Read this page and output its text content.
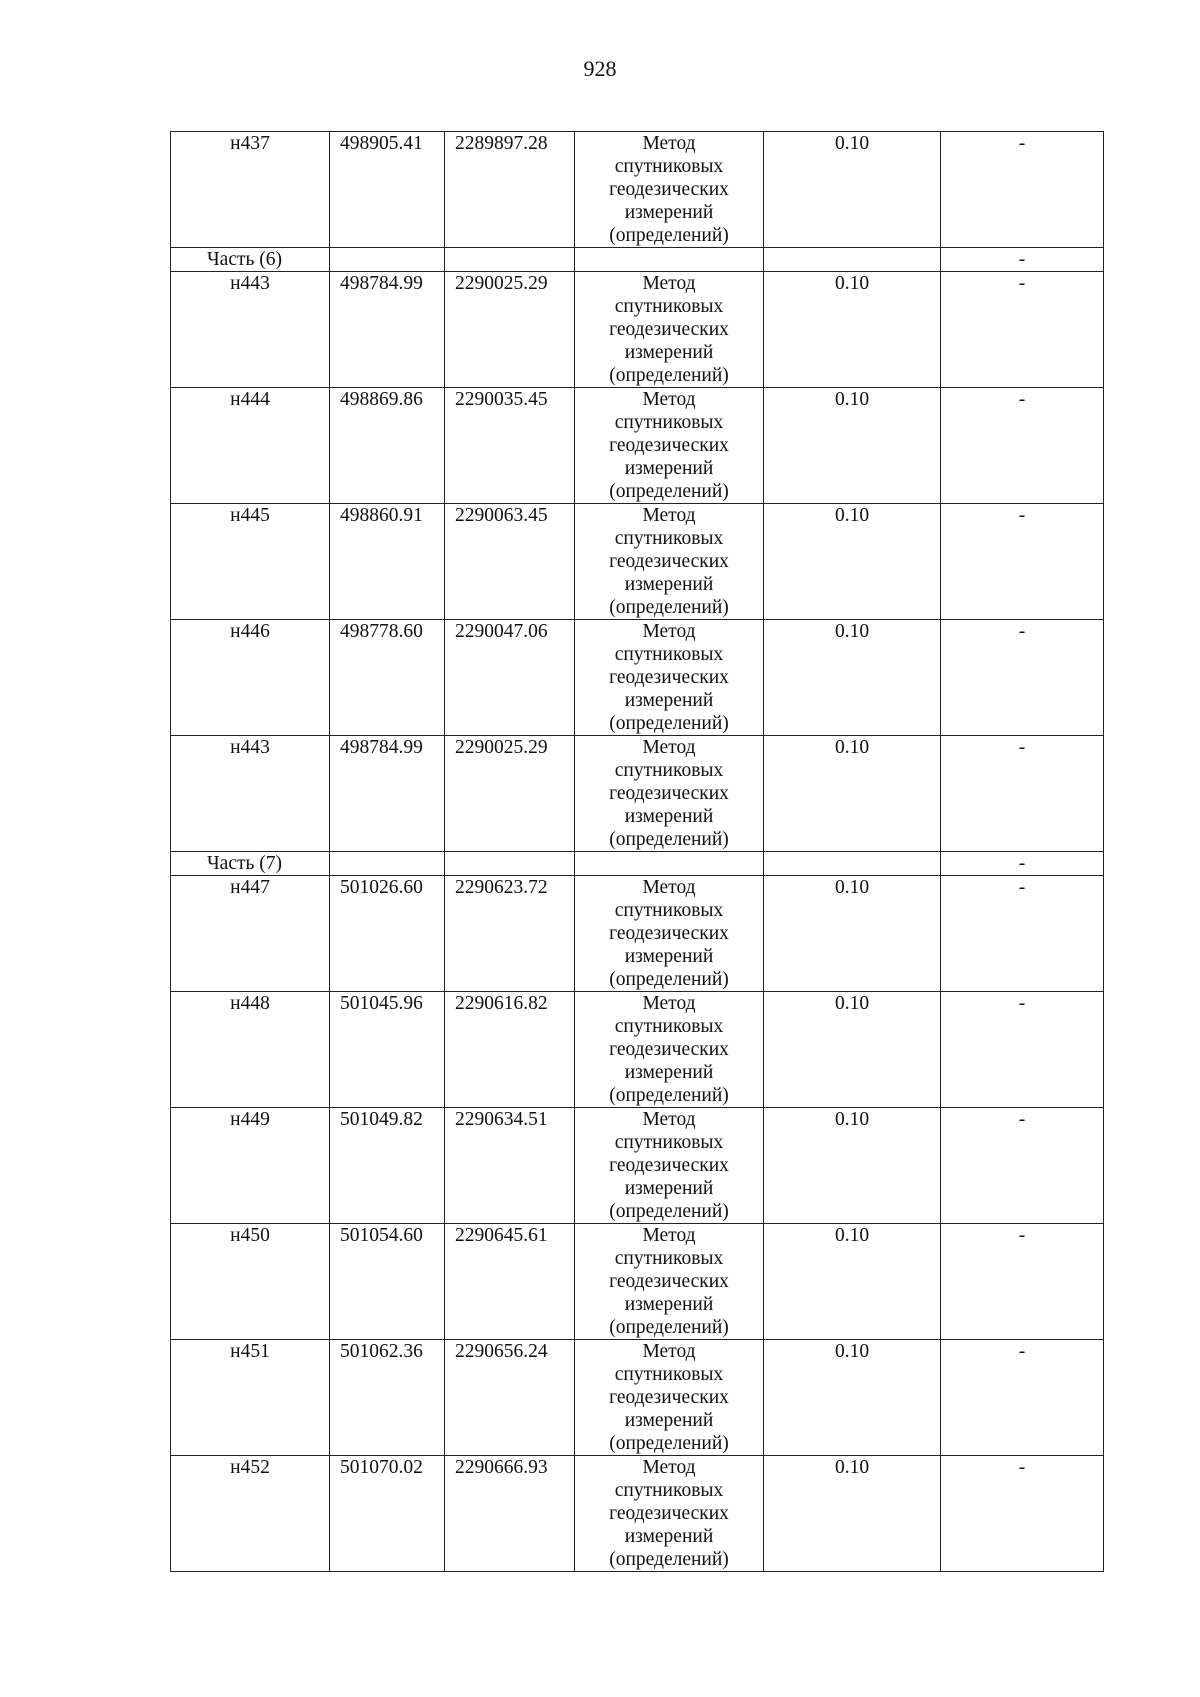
928
н437	498905.41	2289897.28	Метод
спутниковых
геодезических
измерений
(определений)	0.10	-
Часть (6)					-
н443	498784.99	2290025.29	Метод
спутниковых
геодезических
измерений
(определений)	0.10	-
н444	498869.86	2290035.45	Метод
спутниковых
геодезических
измерений
(определений)	0.10	-
н445	498860.91	2290063.45	Метод
спутниковых
геодезических
измерений
(определений)	0.10	-
н446	498778.60	2290047.06	Метод
спутниковых
геодезических
измерений
(определений)	0.10	-
н443	498784.99	2290025.29	Метод
спутниковых
геодезических
измерений
(определений)	0.10	-
Часть (7)					-
н447	501026.60	2290623.72	Метод
спутниковых
геодезических
измерений
(определений)	0.10	-
н448	501045.96	2290616.82	Метод
спутниковых
геодезических
измерений
(определений)	0.10	-
н449	501049.82	2290634.51	Метод
спутниковых
геодезических
измерений
(определений)	0.10	-
н450	501054.60	2290645.61	Метод
спутниковых
геодезических
измерений
(определений)	0.10	-
н451	501062.36	2290656.24	Метод
спутниковых
геодезических
измерений
(определений)	0.10	-
н452	501070.02	2290666.93	Метод
спутниковых
геодезических
измерений
(определений)	0.10	-
